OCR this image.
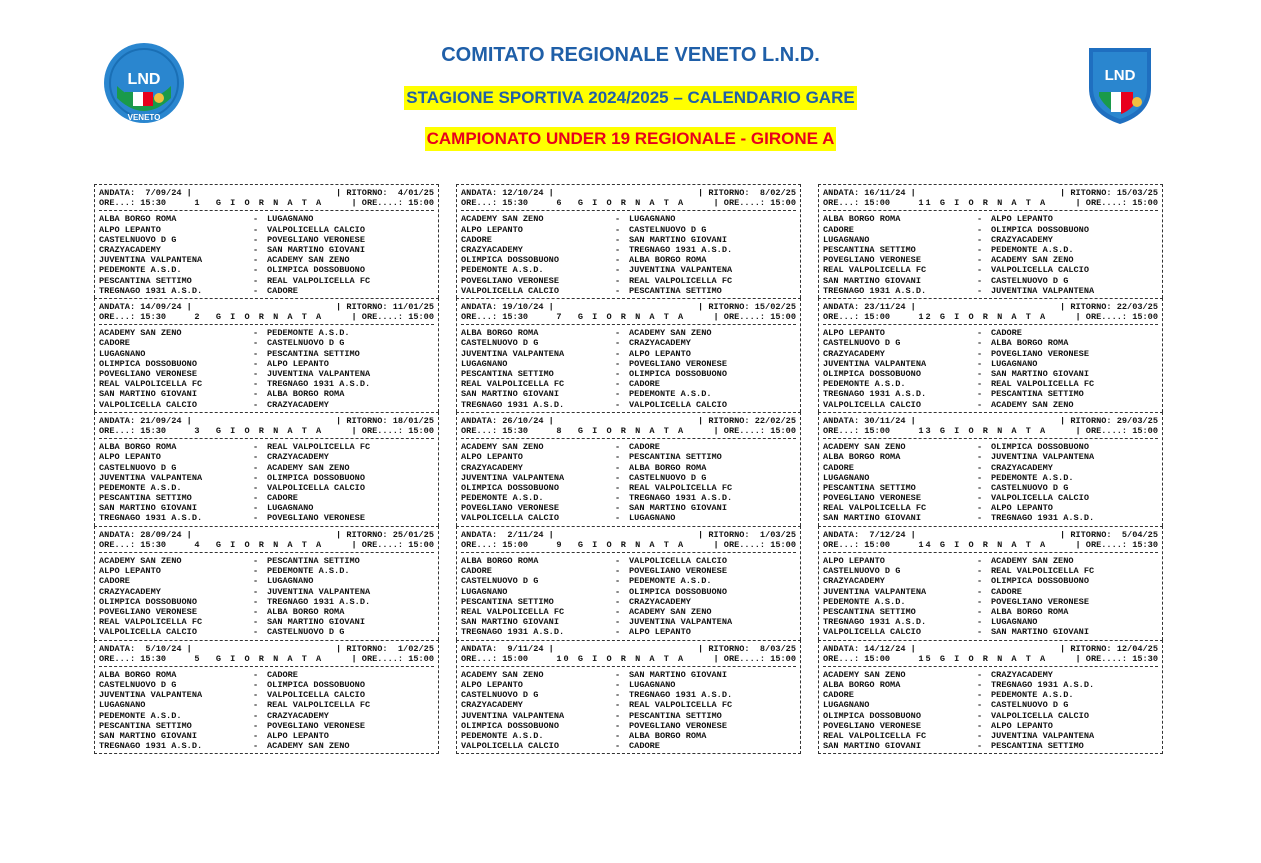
LND
VENETO
LND
COMITATO REGIONALE VENETO L.N.D.
STAGIONE SPORTIVA 2024/2025 – CALENDARIO GARE
CAMPIONATO UNDER 19 REGIONALE - GIRONE A
ANDATA:  7/09/24 |	| RITORNO:  4/01/25
ORE...: 15:30	1  G I O R N A T A	| ORE....: 15:00
ALBA BORGO ROMA	-	LUGAGNANO
ALPO LEPANTO	-	VALPOLICELLA CALCIO
CASTELNUOVO D G	-	POVEGLIANO VERONESE
CRAZYACADEMY	-	SAN MARTINO GIOVANI
JUVENTINA VALPANTENA	-	ACADEMY SAN ZENO
PEDEMONTE A.S.D.	-	OLIMPICA DOSSOBUONO
PESCANTINA SETTIMO	-	REAL VALPOLICELLA FC
TREGNAGO 1931 A.S.D.	-	CADORE
ANDATA: 14/09/24 |	| RITORNO: 11/01/25
ORE...: 15:30	2  G I O R N A T A	| ORE....: 15:00
ACADEMY SAN ZENO	-	PEDEMONTE A.S.D.
CADORE	-	CASTELNUOVO D G
LUGAGNANO	-	PESCANTINA SETTIMO
OLIMPICA DOSSOBUONO	-	ALPO LEPANTO
POVEGLIANO VERONESE	-	JUVENTINA VALPANTENA
REAL VALPOLICELLA FC	-	TREGNAGO 1931 A.S.D.
SAN MARTINO GIOVANI	-	ALBA BORGO ROMA
VALPOLICELLA CALCIO	-	CRAZYACADEMY
ANDATA: 21/09/24 |	| RITORNO: 18/01/25
ORE...: 15:30	3  G I O R N A T A	| ORE....: 15:00
ALBA BORGO ROMA	-	REAL VALPOLICELLA FC
ALPO LEPANTO	-	CRAZYACADEMY
CASTELNUOVO D G	-	ACADEMY SAN ZENO
JUVENTINA VALPANTENA	-	OLIMPICA DOSSOBUONO
PEDEMONTE A.S.D.	-	VALPOLICELLA CALCIO
PESCANTINA SETTIMO	-	CADORE
SAN MARTINO GIOVANI	-	LUGAGNANO
TREGNAGO 1931 A.S.D.	-	POVEGLIANO VERONESE
ANDATA: 28/09/24 |	| RITORNO: 25/01/25
ORE...: 15:30	4  G I O R N A T A	| ORE....: 15:00
ACADEMY SAN ZENO	-	PESCANTINA SETTIMO
ALPO LEPANTO	-	PEDEMONTE A.S.D.
CADORE	-	LUGAGNANO
CRAZYACADEMY	-	JUVENTINA VALPANTENA
OLIMPICA DOSSOBUONO	-	TREGNAGO 1931 A.S.D.
POVEGLIANO VERONESE	-	ALBA BORGO ROMA
REAL VALPOLICELLA FC	-	SAN MARTINO GIOVANI
VALPOLICELLA CALCIO	-	CASTELNUOVO D G
ANDATA:  5/10/24 |	| RITORNO:  1/02/25
ORE...: 15:30	5  G I O R N A T A	| ORE....: 15:00
ALBA BORGO ROMA	-	CADORE
CASTELNUOVO D G	-	OLIMPICA DOSSOBUONO
JUVENTINA VALPANTENA	-	VALPOLICELLA CALCIO
LUGAGNANO	-	REAL VALPOLICELLA FC
PEDEMONTE A.S.D.	-	CRAZYACADEMY
PESCANTINA SETTIMO	-	POVEGLIANO VERONESE
SAN MARTINO GIOVANI	-	ALPO LEPANTO
TREGNAGO 1931 A.S.D.	-	ACADEMY SAN ZENO
ANDATA: 12/10/24 |	| RITORNO:  8/02/25
ORE...: 15:30	6  G I O R N A T A	| ORE....: 15:00
ACADEMY SAN ZENO	-	LUGAGNANO
ALPO LEPANTO	-	CASTELNUOVO D G
CADORE	-	SAN MARTINO GIOVANI
CRAZYACADEMY	-	TREGNAGO 1931 A.S.D.
OLIMPICA DOSSOBUONO	-	ALBA BORGO ROMA
PEDEMONTE A.S.D.	-	JUVENTINA VALPANTENA
POVEGLIANO VERONESE	-	REAL VALPOLICELLA FC
VALPOLICELLA CALCIO	-	PESCANTINA SETTIMO
ANDATA: 19/10/24 |	| RITORNO: 15/02/25
ORE...: 15:30	7  G I O R N A T A	| ORE....: 15:00
ALBA BORGO ROMA	-	ACADEMY SAN ZENO
CASTELNUOVO D G	-	CRAZYACADEMY
JUVENTINA VALPANTENA	-	ALPO LEPANTO
LUGAGNANO	-	POVEGLIANO VERONESE
PESCANTINA SETTIMO	-	OLIMPICA DOSSOBUONO
REAL VALPOLICELLA FC	-	CADORE
SAN MARTINO GIOVANI	-	PEDEMONTE A.S.D.
TREGNAGO 1931 A.S.D.	-	VALPOLICELLA CALCIO
ANDATA: 26/10/24 |	| RITORNO: 22/02/25
ORE...: 15:30	8  G I O R N A T A	| ORE....: 15:00
ACADEMY SAN ZENO	-	CADORE
ALPO LEPANTO	-	PESCANTINA SETTIMO
CRAZYACADEMY	-	ALBA BORGO ROMA
JUVENTINA VALPANTENA	-	CASTELNUOVO D G
OLIMPICA DOSSOBUONO	-	REAL VALPOLICELLA FC
PEDEMONTE A.S.D.	-	TREGNAGO 1931 A.S.D.
POVEGLIANO VERONESE	-	SAN MARTINO GIOVANI
VALPOLICELLA CALCIO	-	LUGAGNANO
ANDATA:  2/11/24 |	| RITORNO:  1/03/25
ORE...: 15:00	9  G I O R N A T A	| ORE....: 15:00
ALBA BORGO ROMA	-	VALPOLICELLA CALCIO
CADORE	-	POVEGLIANO VERONESE
CASTELNUOVO D G	-	PEDEMONTE A.S.D.
LUGAGNANO	-	OLIMPICA DOSSOBUONO
PESCANTINA SETTIMO	-	CRAZYACADEMY
REAL VALPOLICELLA FC	-	ACADEMY SAN ZENO
SAN MARTINO GIOVANI	-	JUVENTINA VALPANTENA
TREGNAGO 1931 A.S.D.	-	ALPO LEPANTO
ANDATA:  9/11/24 |	| RITORNO:  8/03/25
ORE...: 15:00	10 G I O R N A T A	| ORE....: 15:00
ACADEMY SAN ZENO	-	SAN MARTINO GIOVANI
ALPO LEPANTO	-	LUGAGNANO
CASTELNUOVO D G	-	TREGNAGO 1931 A.S.D.
CRAZYACADEMY	-	REAL VALPOLICELLA FC
JUVENTINA VALPANTENA	-	PESCANTINA SETTIMO
OLIMPICA DOSSOBUONO	-	POVEGLIANO VERONESE
PEDEMONTE A.S.D.	-	ALBA BORGO ROMA
VALPOLICELLA CALCIO	-	CADORE
ANDATA: 16/11/24 |	| RITORNO: 15/03/25
ORE...: 15:00	11 G I O R N A T A	| ORE....: 15:00
ALBA BORGO ROMA	-	ALPO LEPANTO
CADORE	-	OLIMPICA DOSSOBUONO
LUGAGNANO	-	CRAZYACADEMY
PESCANTINA SETTIMO	-	PEDEMONTE A.S.D.
POVEGLIANO VERONESE	-	ACADEMY SAN ZENO
REAL VALPOLICELLA FC	-	VALPOLICELLA CALCIO
SAN MARTINO GIOVANI	-	CASTELNUOVO D G
TREGNAGO 1931 A.S.D.	-	JUVENTINA VALPANTENA
ANDATA: 23/11/24 |	| RITORNO: 22/03/25
ORE...: 15:00	12 G I O R N A T A	| ORE....: 15:00
ALPO LEPANTO	-	CADORE
CASTELNUOVO D G	-	ALBA BORGO ROMA
CRAZYACADEMY	-	POVEGLIANO VERONESE
JUVENTINA VALPANTENA	-	LUGAGNANO
OLIMPICA DOSSOBUONO	-	SAN MARTINO GIOVANI
PEDEMONTE A.S.D.	-	REAL VALPOLICELLA FC
TREGNAGO 1931 A.S.D.	-	PESCANTINA SETTIMO
VALPOLICELLA CALCIO	-	ACADEMY SAN ZENO
ANDATA: 30/11/24 |	| RITORNO: 29/03/25
ORE...: 15:00	13 G I O R N A T A	| ORE....: 15:00
ACADEMY SAN ZENO	-	OLIMPICA DOSSOBUONO
ALBA BORGO ROMA	-	JUVENTINA VALPANTENA
CADORE	-	CRAZYACADEMY
LUGAGNANO	-	PEDEMONTE A.S.D.
PESCANTINA SETTIMO	-	CASTELNUOVO D G
POVEGLIANO VERONESE	-	VALPOLICELLA CALCIO
REAL VALPOLICELLA FC	-	ALPO LEPANTO
SAN MARTINO GIOVANI	-	TREGNAGO 1931 A.S.D.
ANDATA:  7/12/24 |	| RITORNO:  5/04/25
ORE...: 15:00	14 G I O R N A T A	| ORE....: 15:30
ALPO LEPANTO	-	ACADEMY SAN ZENO
CASTELNUOVO D G	-	REAL VALPOLICELLA FC
CRAZYACADEMY	-	OLIMPICA DOSSOBUONO
JUVENTINA VALPANTENA	-	CADORE
PEDEMONTE A.S.D.	-	POVEGLIANO VERONESE
PESCANTINA SETTIMO	-	ALBA BORGO ROMA
TREGNAGO 1931 A.S.D.	-	LUGAGNANO
VALPOLICELLA CALCIO	-	SAN MARTINO GIOVANI
ANDATA: 14/12/24 |	| RITORNO: 12/04/25
ORE...: 15:00	15 G I O R N A T A	| ORE....: 15:30
ACADEMY SAN ZENO	-	CRAZYACADEMY
ALBA BORGO ROMA	-	TREGNAGO 1931 A.S.D.
CADORE	-	PEDEMONTE A.S.D.
LUGAGNANO	-	CASTELNUOVO D G
OLIMPICA DOSSOBUONO	-	VALPOLICELLA CALCIO
POVEGLIANO VERONESE	-	ALPO LEPANTO
REAL VALPOLICELLA FC	-	JUVENTINA VALPANTENA
SAN MARTINO GIOVANI	-	PESCANTINA SETTIMO
